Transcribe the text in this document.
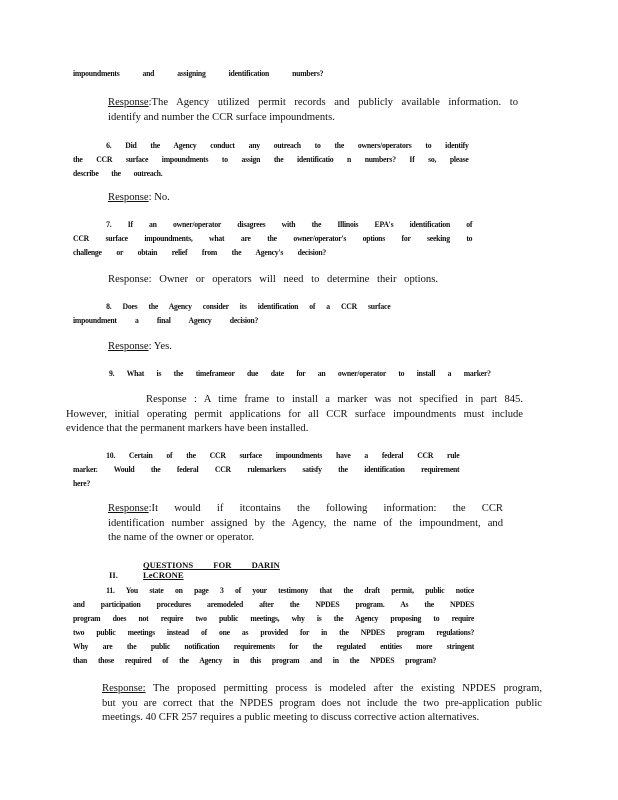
impoundments and assigning identification numbers?
Response:The Agency utilized permit records and publicly available information. to
identify and number the CCR surface impoundments.
6. Did the Agency conduct any outreach to the owners/operators to identify
the CCR surface impoundments to assign the identificatio n numbers? If so, please
describe the outreach.
Response: No.
7. If an owner/operator disagrees with the Illinois EPA's identification of
CCR surface impoundments, what are the owner/operator's options for seeking to
challenge or obtain relief from the Agency's decision?
Response: Owner or operators will need to determine their options.
8. Does the Agency consider its identification of a CCR surface
impoundment a final Agency decision?
Response: Yes.
9. What is the timeframeor due date for an owner/operator to install a marker?
Response : A time frame to install a marker was not specified in part 845.
However, initial operating permit applications for all CCR surface impoundments must include
evidence that the permanent markers have been installed.
10. Certain of the CCR surface impoundments have a federal CCR rule
marker. Would the federal CCR rulemarkers satisfy the identification requirement
here?
Response:It would if itcontains the following information: the CCR
identification number assigned by the Agency, the name of the impoundment, and
the name of the owner or operator.
II.QUESTIONS FOR DARIN LeCRONE
11. You state on page 3 of your testimony that the draft permit, public notice
and participation procedures aremodeled after the NPDES program. As the NPDES
program does not require two public meetings, why is the Agency proposing to require
two public meetings instead of one as provided for in the NPDES program regulations?
Why are the public notification requirements for the regulated entities more stringent
than those required of the Agency in this program and in the NPDES program?
Response: The proposed permitting process is modeled after the existing NPDES program,
but you are correct that the NPDES program does not include the two pre-application public
meetings. 40 CFR 257 requires a public meeting to discuss corrective action alternatives.
